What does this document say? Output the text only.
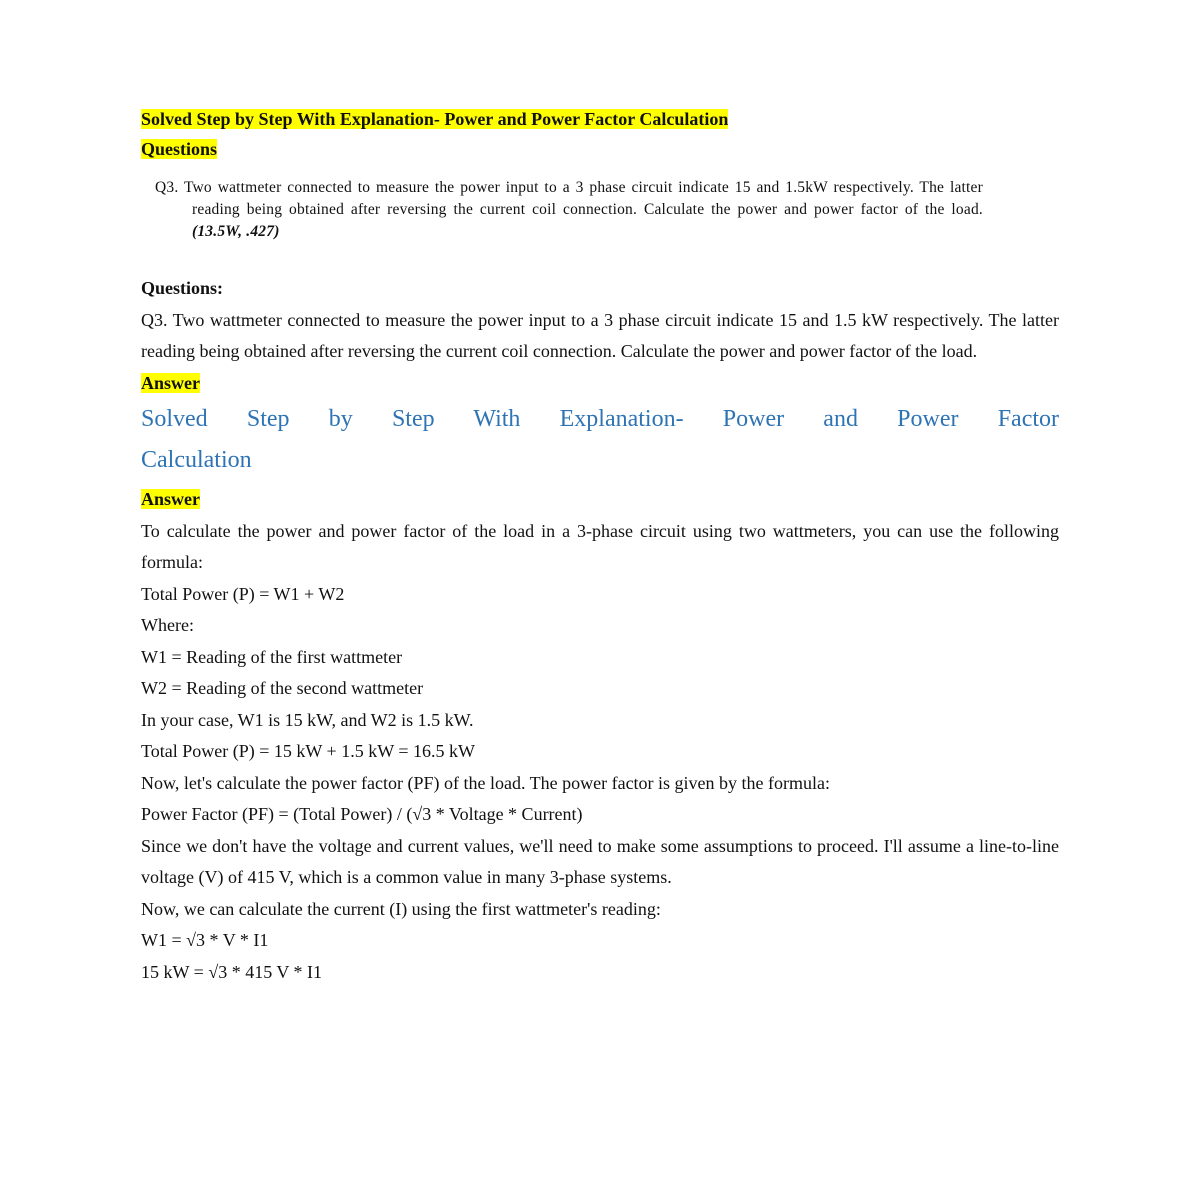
Solved Step by Step With Explanation- Power and Power Factor Calculation

Questions

Q3. Two wattmeter connected to measure the power input to a 3 phase circuit indicate 15 and 1.5kW respectively. The latter reading being obtained after reversing the current coil connection. Calculate the power and power factor of the load.
(13.5W, .427)

Questions:

Q3. Two wattmeter connected to measure the power input to a 3 phase circuit indicate 15 and 1.5 kW respectively. The latter reading being obtained after reversing the current coil connection. Calculate the power and power factor of the load.

Answer

Solved Step by Step With Explanation- Power and Power Factor
Calculation

Answer

To calculate the power and power factor of the load in a 3-phase circuit using two wattmeters, you can use the following formula:

Total Power (P) = W1 + W2

Where:

W1 = Reading of the first wattmeter

W2 = Reading of the second wattmeter

In your case, W1 is 15 kW, and W2 is 1.5 kW.

Total Power (P) = 15 kW + 1.5 kW = 16.5 kW

Now, let's calculate the power factor (PF) of the load. The power factor is given by the formula:

Power Factor (PF) = (Total Power) / (√3 * Voltage * Current)

Since we don't have the voltage and current values, we'll need to make some assumptions to proceed. I'll assume a line-to-line voltage (V) of 415 V, which is a common value in many 3-phase systems.

Now, we can calculate the current (I) using the first wattmeter's reading:

W1 = √3 * V * I1

15 kW = √3 * 415 V * I1
